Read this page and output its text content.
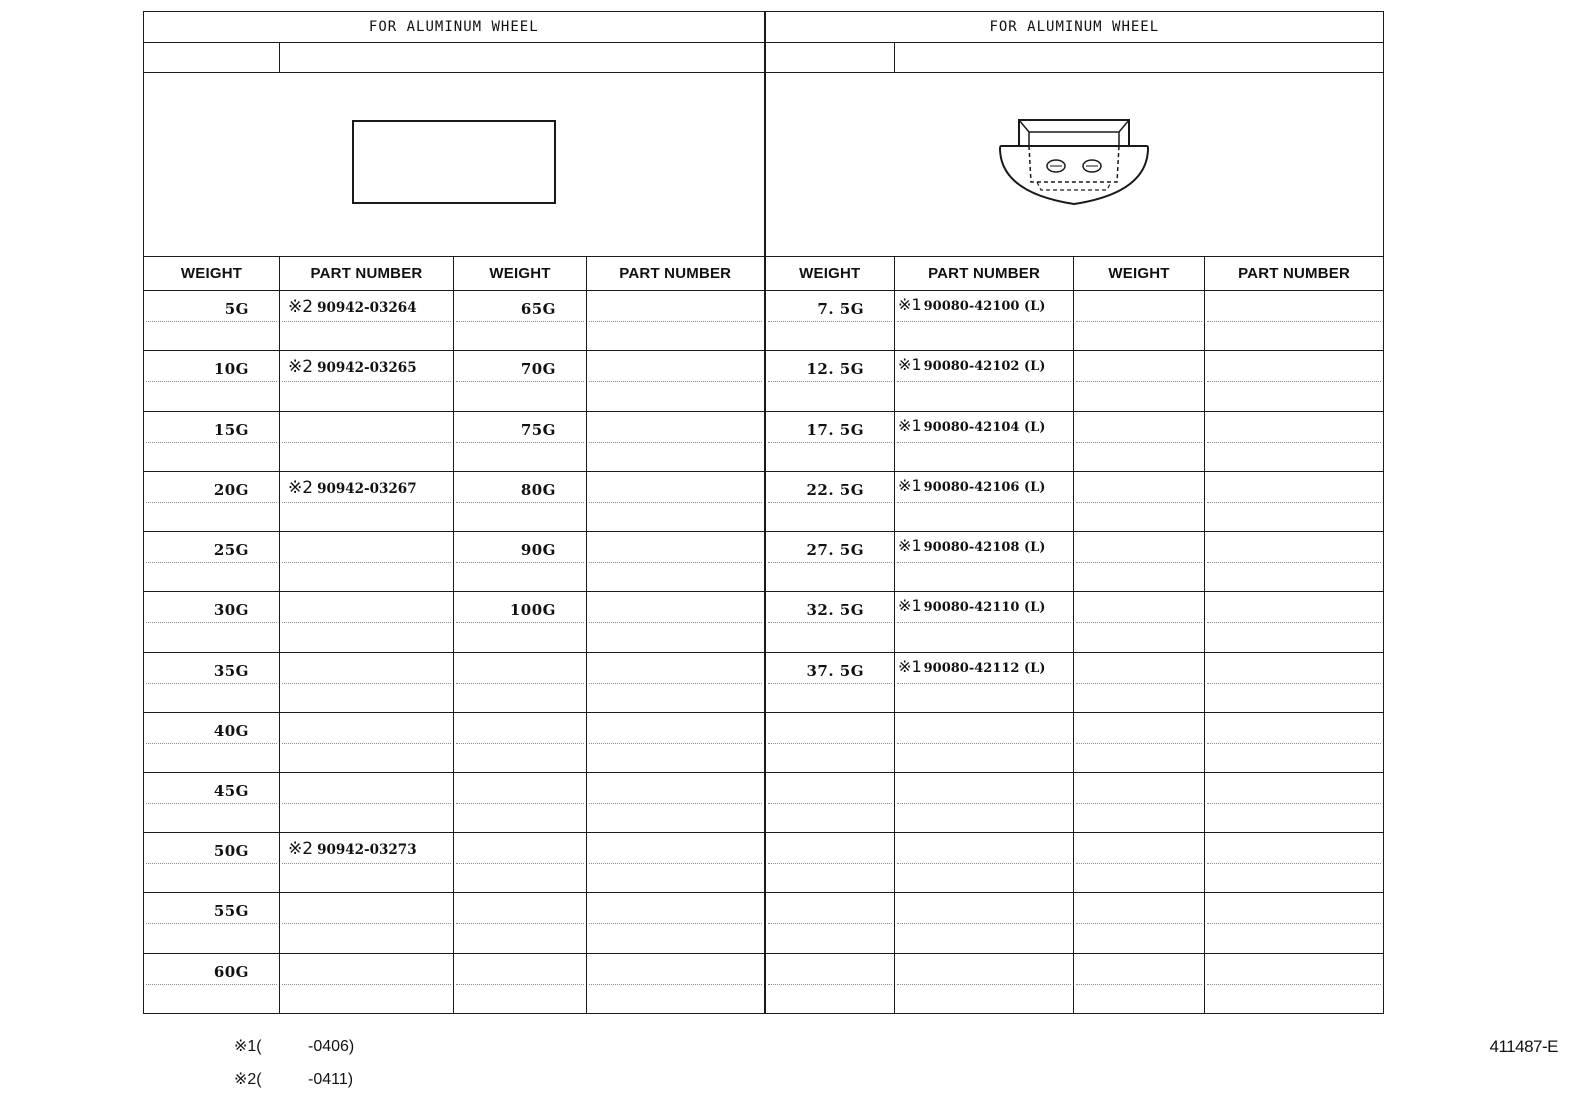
FOR ALUMINUM WHEEL				FOR ALUMINUM WHEEL			

WEIGHT	PART NUMBER	WEIGHT	PART NUMBER	WEIGHT	PART NUMBER	WEIGHT	PART NUMBER

5G	※2 90942-03264	65G		7. 5G	※1 90080-42100 (L)		

10G	※2 90942-03265	70G		12. 5G	※1 90080-42102 (L)		

15G		75G		17. 5G	※1 90080-42104 (L)		

20G	※2 90942-03267	80G		22. 5G	※1 90080-42106 (L)		

25G		90G		27. 5G	※1 90080-42108 (L)		

30G		100G		32. 5G	※1 90080-42110 (L)		

35G				37. 5G	※1 90080-42112 (L)		

40G							

45G							

50G	※2 90942-03273						

55G							

60G							

※1(	-0406)
※2(	-0411)
411487-E
